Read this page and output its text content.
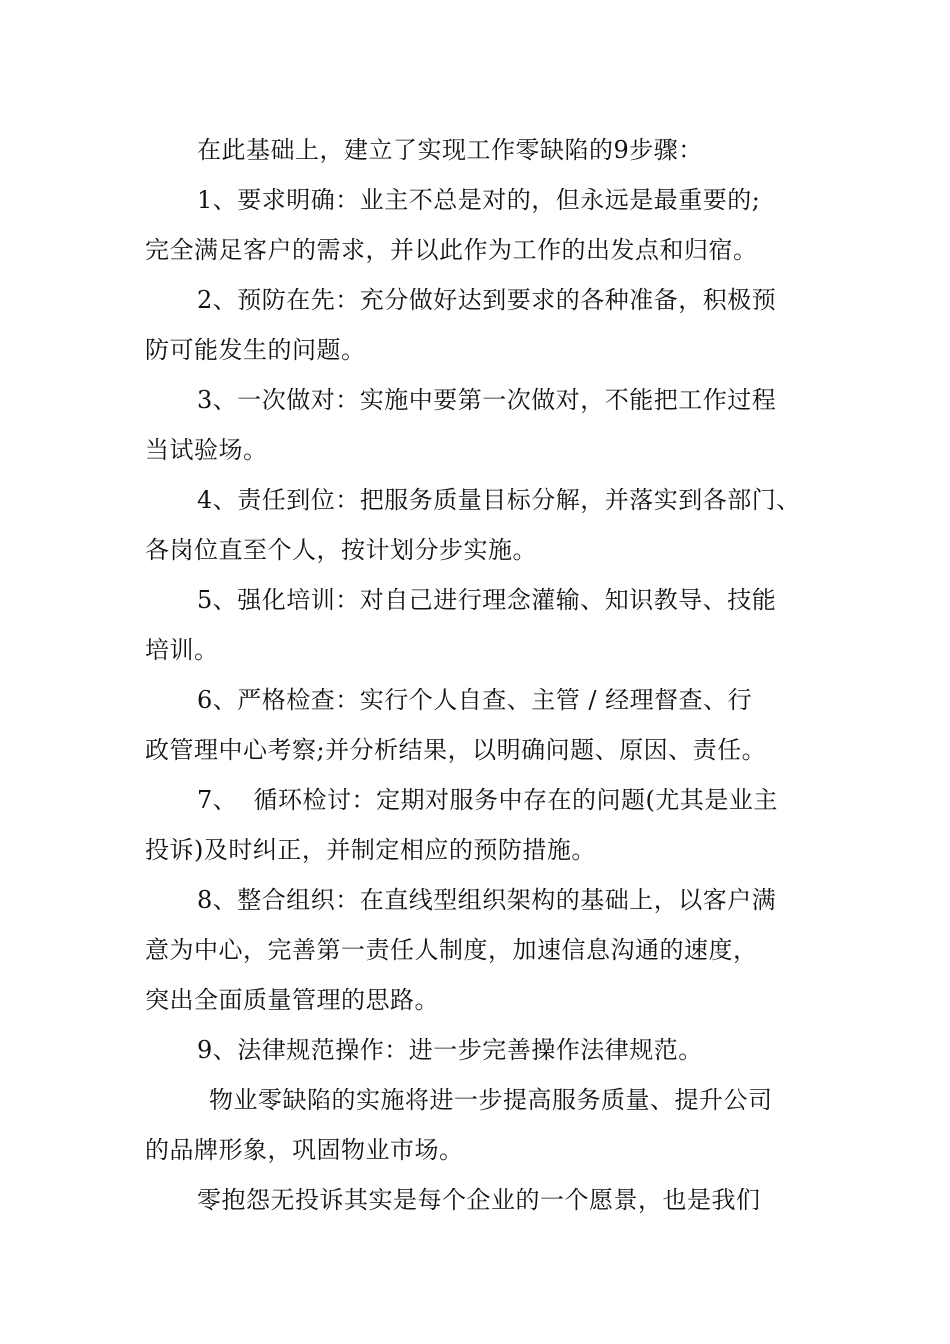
在此基础上，建立了实现工作零缺陷的9步骤：
1、要求明确：业主不总是对的，但永远是最重要的;
完全满足客户的需求，并以此作为工作的出发点和归宿。
2、预防在先：充分做好达到要求的各种准备，积极预
防可能发生的问题。
3、一次做对：实施中要第一次做对，不能把工作过程
当试验场。
4、责任到位：把服务质量目标分解，并落实到各部门、
各岗位直至个人，按计划分步实施。
5、强化培训：对自己进行理念灌输、知识教导、技能
培训。
6、严格检查：实行个人自查、主管 / 经理督查、行
政管理中心考察;并分析结果，以明确问题、原因、责任。
7、  循环检讨：定期对服务中存在的问题(尤其是业主
投诉)及时纠正，并制定相应的预防措施。
8、整合组织：在直线型组织架构的基础上，以客户满
意为中心，完善第一责任人制度，加速信息沟通的速度，
突出全面质量管理的思路。
9、法律规范操作：进一步完善操作法律规范。
物业零缺陷的实施将进一步提高服务质量、提升公司
的品牌形象，巩固物业市场。
零抱怨无投诉其实是每个企业的一个愿景，也是我们
